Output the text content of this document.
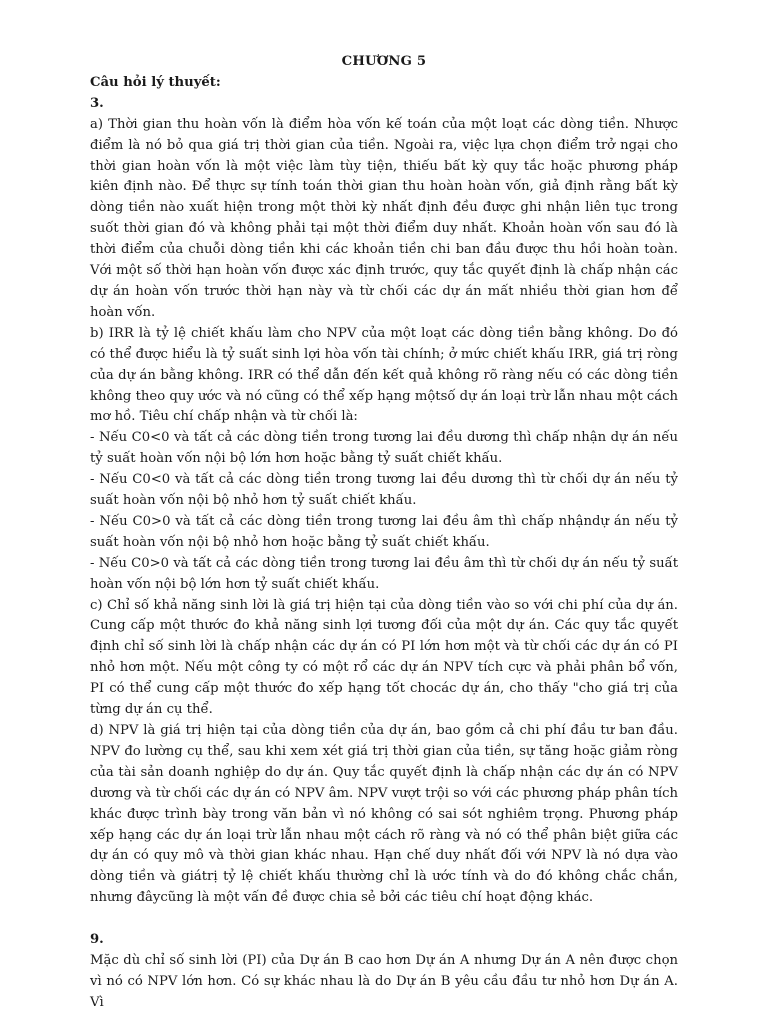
CHƯƠNG 5

Câu hỏi lý thuyết:

3.

a) Thời gian thu hoàn vốn là điểm hòa vốn kế toán của một loạt các dòng tiền. Nhược điểm là nó bỏ qua giá trị thời gian của tiền. Ngoài ra, việc lựa chọn điểm trở ngại cho thời gian hoàn vốn là một việc làm tùy tiện, thiếu bất kỳ quy tắc hoặc phương pháp kiên định nào. Để thực sự tính toán thời gian thu hoàn hoàn vốn, giả định rằng bất kỳ dòng tiền nào xuất hiện trong một thời kỳ nhất định đều được ghi nhận liên tục trong suốt thời gian đó và không phải tại một thời điểm duy nhất. Khoản hoàn vốn sau đó là thời điểm của chuỗi dòng tiền khi các khoản tiền chi ban đầu được thu hồi hoàn toàn. Với một số thời hạn hoàn vốn được xác định trước, quy tắc quyết định là chấp nhận các dự án hoàn vốn trước thời hạn này và từ chối các dự án mất nhiều thời gian hơn để hoàn vốn.

b) IRR là tỷ lệ chiết khấu làm cho NPV của một loạt các dòng tiền bằng không. Do đó có thể được hiểu là tỷ suất sinh lợi hòa vốn tài chính; ở mức chiết khấu IRR, giá trị ròng của dự án bằng không. IRR có thể dẫn đến kết quả không rõ ràng nếu có các dòng tiền không theo quy ước và nó cũng có thể xếp hạng mộtsố dự án loại trừ lẫn nhau một cách mơ hồ. Tiêu chí chấp nhận và từ chối là:

- Nếu C0<0 và tất cả các dòng tiền trong tương lai đều dương thì chấp nhận dự án nếu tỷ suất hoàn vốn nội bộ lớn hơn hoặc bằng tỷ suất chiết khấu.

- Nếu C0<0 và tất cả các dòng tiền trong tương lai đều dương thì từ chối dự án nếu tỷ suất hoàn vốn nội bộ nhỏ hơn tỷ suất chiết khấu.

- Nếu C0>0 và tất cả các dòng tiền trong tương lai đều âm thì chấp nhậndự án nếu tỷ suất hoàn vốn nội bộ nhỏ hơn hoặc bằng tỷ suất chiết khấu.

- Nếu C0>0 và tất cả các dòng tiền trong tương lai đều âm thì từ chối dự án nếu tỷ suất hoàn vốn nội bộ lớn hơn tỷ suất chiết khấu.

c) Chỉ số khả năng sinh lời là giá trị hiện tại của dòng tiền vào so với chi phí của dự án. Cung cấp một thước đo khả năng sinh lợi tương đối của một dự án. Các quy tắc quyết định chỉ số sinh lời là chấp nhận các dự án có PI lớn hơn một và từ chối các dự án có PI nhỏ hơn một. Nếu một công ty có một rổ các dự án NPV tích cực và phải phân bổ vốn, PI có thể cung cấp một thước đo xếp hạng tốt chocác dự án, cho thấy "cho giá trị của từng dự án cụ thể.

d) NPV là giá trị hiện tại của dòng tiền của dự án, bao gồm cả chi phí đầu tư ban đầu. NPV đo lường cụ thể, sau khi xem xét giá trị thời gian của tiền, sự tăng hoặc giảm ròng của tài sản doanh nghiệp do dự án. Quy tắc quyết định là chấp nhận các dự án có NPV dương và từ chối các dự án có NPV âm. NPV vượt trội so với các phương pháp phân tích khác được trình bày trong văn bản vì nó không có sai sót nghiêm trọng. Phương pháp xếp hạng các dự án loại trừ lẫn nhau một cách rõ ràng và nó có thể phân biệt giữa các dự án có quy mô và thời gian khác nhau. Hạn chế duy nhất đối với NPV là nó dựa vào dòng tiền và giátrị tỷ lệ chiết khấu thường chỉ là ước tính và do đó không chắc chắn, nhưng đâycũng là một vấn đề được chia sẻ bởi các tiêu chí hoạt động khác.

9.

Mặc dù chỉ số sinh lời (PI) của Dự án B cao hơn Dự án A nhưng Dự án A nên được chọn vì nó có NPV lớn hơn. Có sự khác nhau là do Dự án B yêu cầu đầu tư nhỏ hơn Dự án A. Vì
